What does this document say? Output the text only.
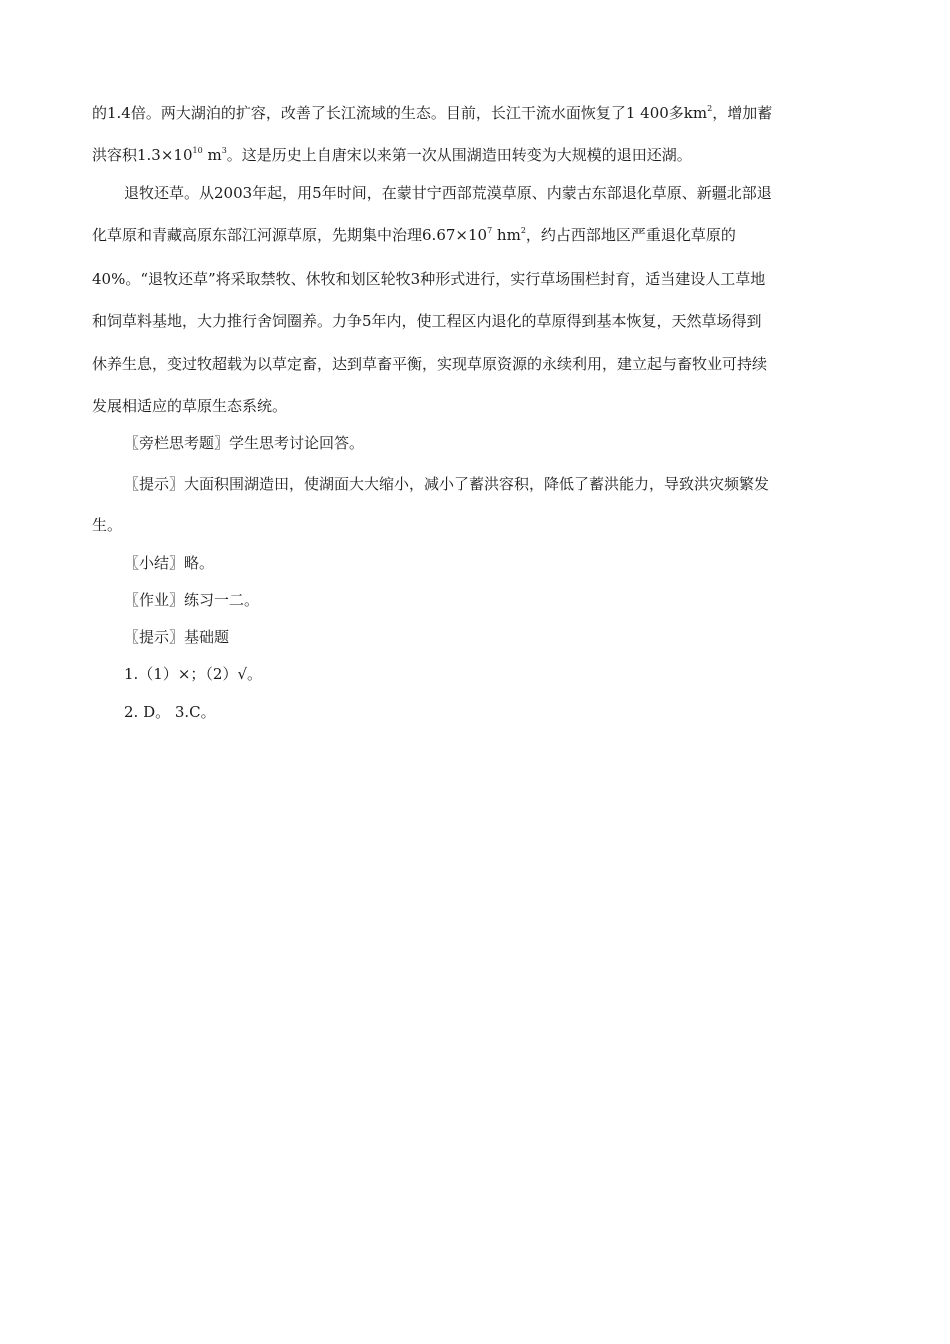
的1.4倍。两大湖泊的扩容，改善了长江流域的生态。目前，长江干流水面恢复了1 400多$km^2$，增加蓄
洪容积$1.3\times 10^{10}$ $m^3$。这是历史上自唐宋以来第一次从围湖造田转变为大规模的退田还湖。
退牧还草。从2003年起，用5年时间，在蒙甘宁西部荒漠草原、内蒙古东部退化草原、新疆北部退
化草原和青藏高原东部江河源草原，先期集中治理$6.67\times 10^7$ $hm^2$，约占西部地区严重退化草原的
40%。“退牧还草”将采取禁牧、休牧和划区轮牧3种形式进行，实行草场围栏封育，适当建设人工草地
和饲草料基地，大力推行舍饲圈养。力争5年内，使工程区内退化的草原得到基本恢复，天然草场得到
休养生息，变过牧超载为以草定畜，达到草畜平衡，实现草原资源的永续利用，建立起与畜牧业可持续
发展相适应的草原生态系统。
〖旁栏思考题〗学生思考讨论回答。
〖提示〗大面积围湖造田，使湖面大大缩小，减小了蓄洪容积，降低了蓄洪能力，导致洪灾频繁发
生。
〖小结〗略。
〖作业〗练习一二。
〖提示〗基础题
1.（1）×；（2）√。
2. D。 3.C。
